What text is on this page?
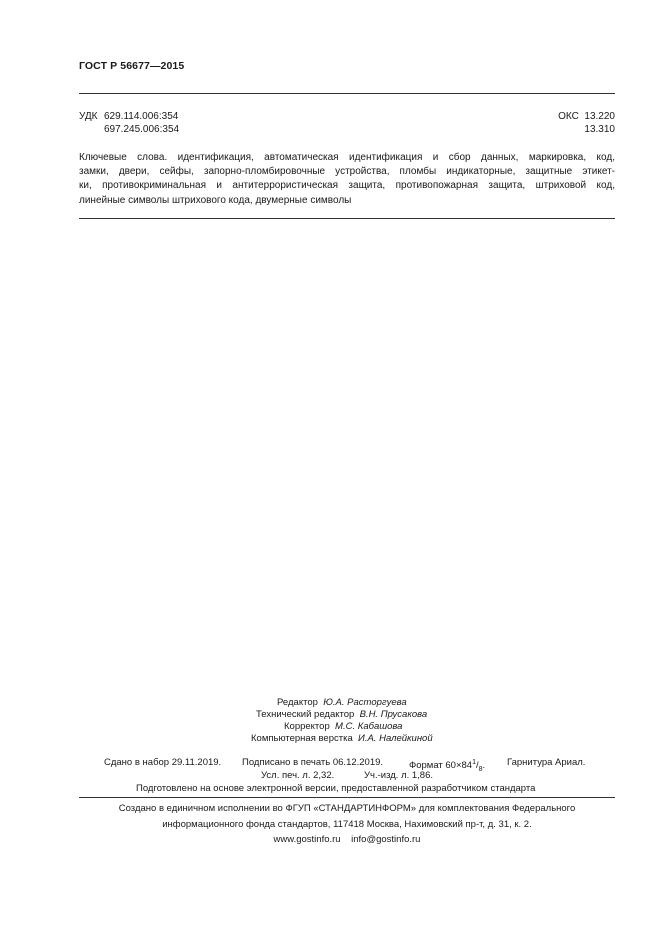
ГОСТ Р 56677—2015
УДК 629.114.006:354
697.245.006:354
ОКС 13.220
13.310
Ключевые слова. идентификация, автоматическая идентификация и сбор данных, маркировка, код,
замки, двери, сейфы, запорно-пломбировочные устройства, пломбы индикаторные, защитные этикет-
ки, противокриминальная и антитеррористическая защита, противопожарная защита, штриховой код,
линейные символы штрихового кода, двумерные символы
Редактор Ю.А. Расторгуева
Технический редактор В.Н. Прусакова
Корректор М.С. Кабашова
Компьютерная верстка И.А. Налейкиной
Сдано в набор 29.11.2019. Подписано в печать 06.12.2019.	Формат $60\times 84^1/_8$. Гарнитура Ариал.
Усл. печ. л. 2,32.	Уч.-изд. л. 1,86.
Подготовлено на основе электронной версии, предоставленной разработчиком стандарта
Создано в единичном исполнении во ФГУП «СТАНДАРТИНФОРМ» для комплектования Федерального
информационного фонда стандартов, 117418 Москва, Нахимовский пр-т, д. 31, к. 2.
www.gostinfo.ru info@gostinfo.ru
